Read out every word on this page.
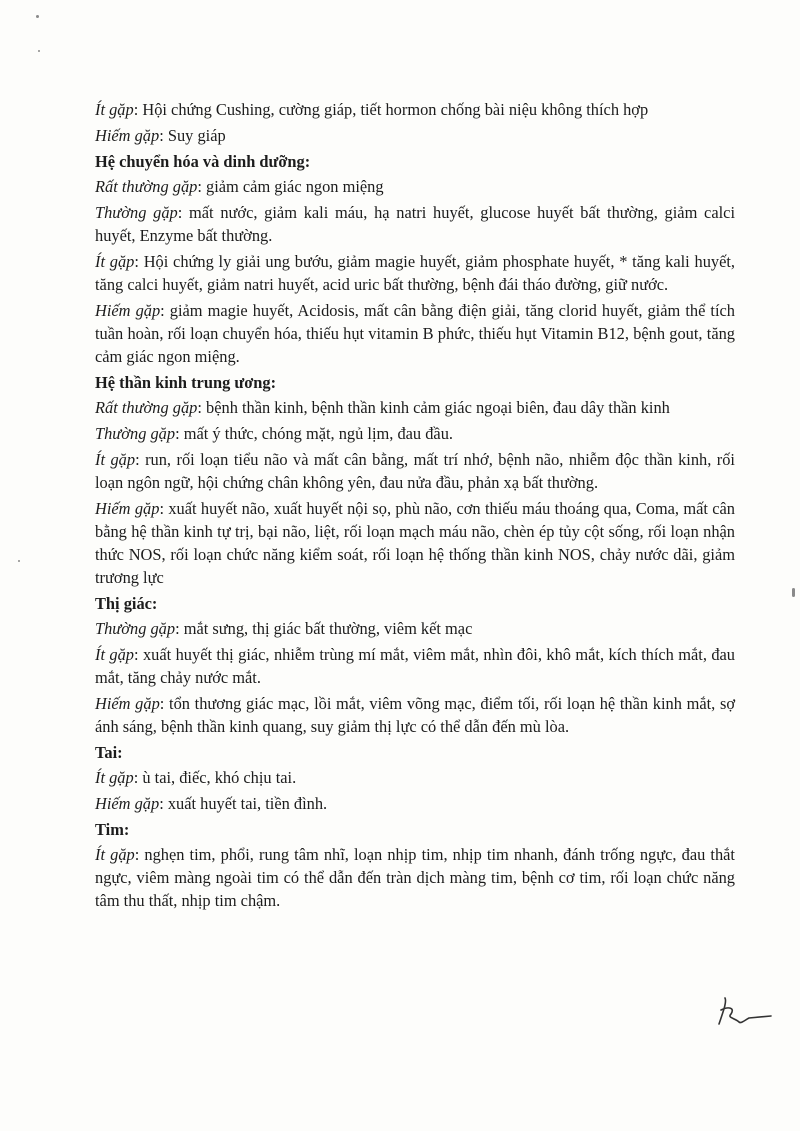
Ít gặp: Hội chứng Cushing, cường giáp, tiết hormon chống bài niệu không thích hợp

Hiếm gặp: Suy giáp

Hệ chuyển hóa và dinh dưỡng:

Rất thường gặp: giảm cảm giác ngon miệng

Thường gặp: mất nước, giảm kali máu, hạ natri huyết, glucose huyết bất thường, giảm calci huyết, Enzyme bất thường.

Ít gặp: Hội chứng ly giải ung bướu, giảm magie huyết, giảm phosphate huyết, * tăng kali huyết, tăng calci huyết, giảm natri huyết, acid uric bất thường, bệnh đái tháo đường, giữ nước.

Hiếm gặp: giảm magie huyết, Acidosis, mất cân bằng điện giải, tăng clorid huyết, giảm thể tích tuần hoàn, rối loạn chuyển hóa, thiếu hụt vitamin B phức, thiếu hụt Vitamin B12, bệnh gout, tăng cảm giác ngon miệng.

Hệ thần kinh trung ương:

Rất thường gặp: bệnh thần kinh, bệnh thần kinh cảm giác ngoại biên, đau dây thần kinh

Thường gặp: mất ý thức, chóng mặt, ngủ lịm, đau đầu.

Ít gặp: run, rối loạn tiểu não và mất cân bằng, mất trí nhớ, bệnh não, nhiễm độc thần kinh, rối loạn ngôn ngữ, hội chứng chân không yên, đau nửa đầu, phản xạ bất thường.

Hiếm gặp: xuất huyết não, xuất huyết nội sọ, phù não, cơn thiếu máu thoáng qua, Coma, mất cân bằng hệ thần kinh tự trị, bại não, liệt, rối loạn mạch máu não, chèn ép tủy cột sống, rối loạn nhận thức NOS, rối loạn chức năng kiểm soát, rối loạn hệ thống thần kinh NOS, chảy nước dãi, giảm trương lực

Thị giác:

Thường gặp: mắt sưng, thị giác bất thường, viêm kết mạc

Ít gặp: xuất huyết thị giác, nhiễm trùng mí mắt, viêm mắt, nhìn đôi, khô mắt, kích thích mắt, đau mắt, tăng chảy nước mắt.

Hiếm gặp: tổn thương giác mạc, lồi mắt, viêm võng mạc, điểm tối, rối loạn hệ thần kinh mắt, sợ ánh sáng, bệnh thần kinh quang, suy giảm thị lực có thể dẫn đến mù lòa.

Tai:

Ít gặp: ù tai, điếc, khó chịu tai.

Hiếm gặp: xuất huyết tai, tiền đình.

Tim:

Ít gặp: nghẹn tim, phổi, rung tâm nhĩ, loạn nhịp tim, nhịp tim nhanh, đánh trống ngực, đau thắt ngực, viêm màng ngoài tim có thể dẫn đến tràn dịch màng tim, bệnh cơ tim, rối loạn chức năng tâm thu thất, nhịp tim chậm.
